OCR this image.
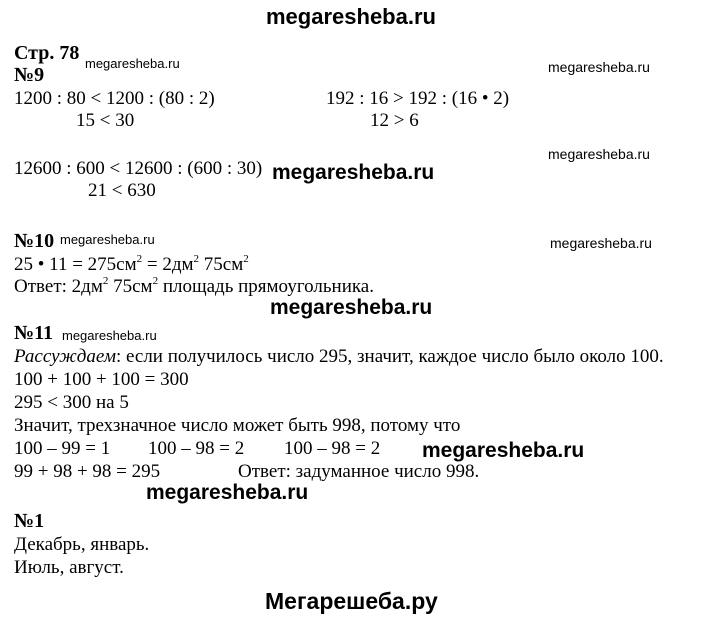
megaresheba.ru
Стр. 78 megaresheba.ru	megaresheba.ru
№9
1200 : 80 < 1200 : (80 : 2)
15 < 30
192 : 16 > 192 : (16 • 2)
12 > 6
megaresheba.ru
12600 : 600 < 12600 : (600 : 30) megaresheba.ru
21 < 630
№10 megaresheba.ru	megaresheba.ru
25 • $11 = 275см^2 = 2дм^2$ $75см^2$
Ответ: $2дм^2$ $75см^2$ площадь прямоугольника.
megaresheba.ru
№11 megaresheba.ru
Рассуждаем: если получилось число 295, значит, каждое число было около 100.
100 + 100 + 100 = 300
295 < 300 на 5
Значит, трехзначное число может быть 998, потому что
100 – 99 = 1 100 – 98 = 2 100 – 98 = 2 megaresheba.ru
99 + 98 + 98 = 295	Ответ: задуманное число 998.
megaresheba.ru
№1
Декабрь, январь.
Июль, август.
Мегарешеба.ру
